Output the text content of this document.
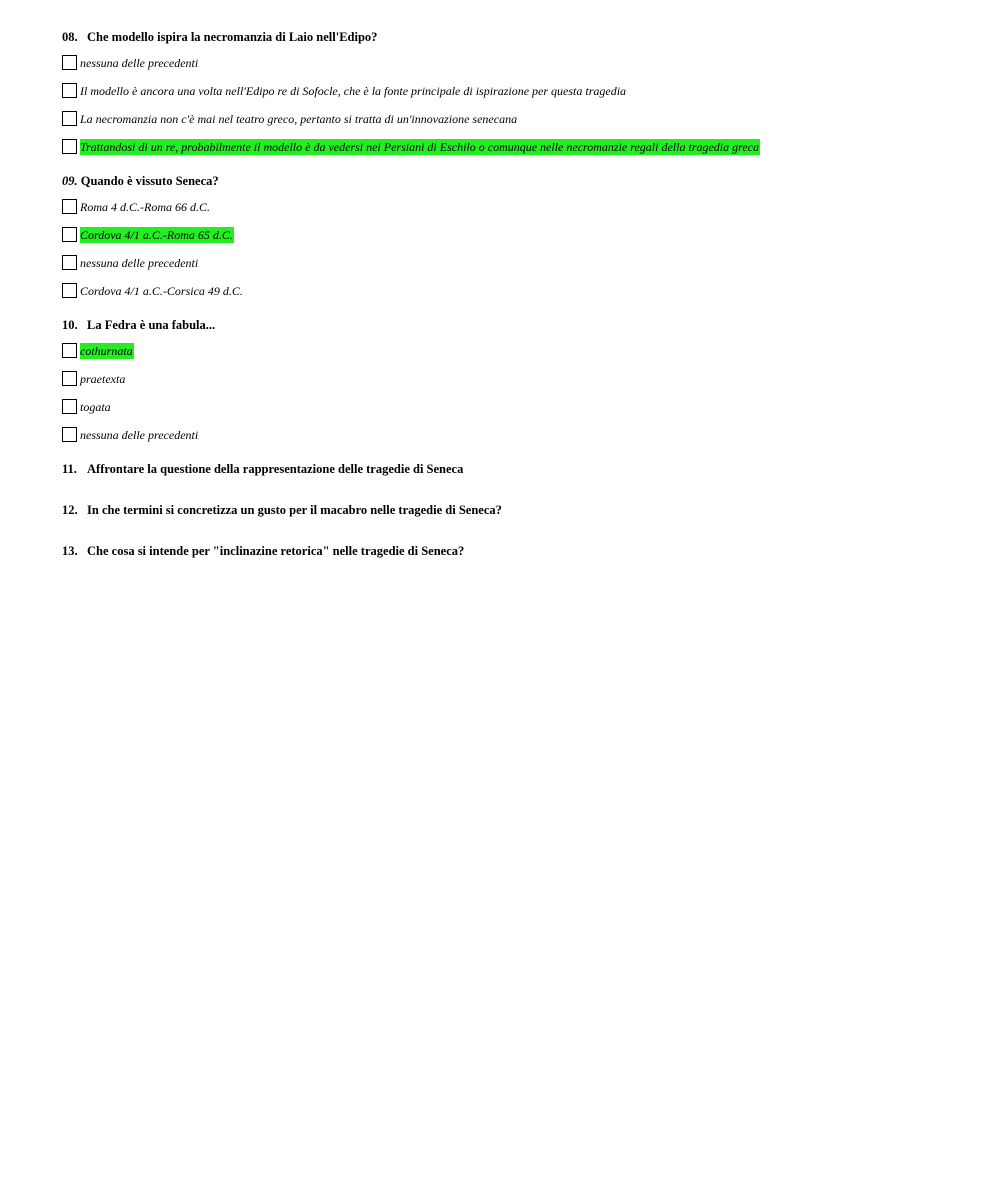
08. Che modello ispira la necromanzia di Laio nell'Edipo?
nessuna delle precedenti
Il modello è ancora una volta nell'Edipo re di Sofocle, che è la fonte principale di ispirazione per questa tragedia
La necromanzia non c'è mai nel teatro greco, pertanto si tratta di un'innovazione senecana
Trattandosi di un re, probabilmente il modello è da vedersi nei Persiani di Eschilo o comunque nelle necromanzie regali della tragedia greca
09. Quando è vissuto Seneca?
Roma 4 d.C.-Roma 66 d.C.
Cordova 4/1 a.C.-Roma 65 d.C.
nessuna delle precedenti
Cordova 4/1 a.C.-Corsica 49 d.C.
10. La Fedra è una fabula...
cothurnata
praetexta
togata
nessuna delle precedenti
11. Affrontare la questione della rappresentazione delle tragedie di Seneca
12. In che termini si concretizza un gusto per il macabro nelle tragedie di Seneca?
13. Che cosa si intende per "inclinazine retorica" nelle tragedie di Seneca?
